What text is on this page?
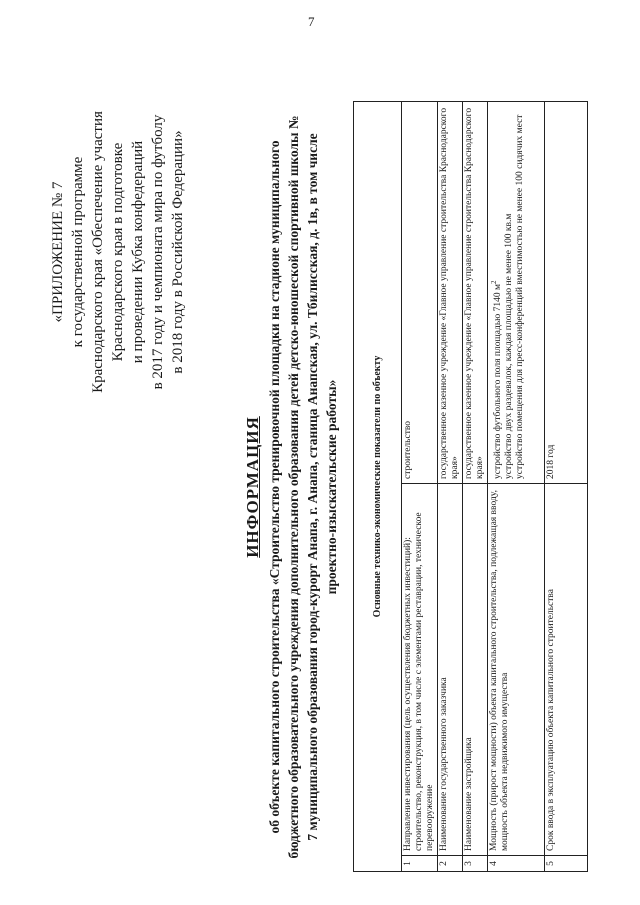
7
«ПРИЛОЖЕНИЕ № 7 к государственной программе Краснодарского края «Обеспечение участия Краснодарского края в подготовке и проведении Кубка конфедераций в 2017 году и чемпионата мира по футболу в 2018 году в Российской Федерации»
ИНФОРМАЦИЯ об объекте капитального строительства «Строительство тренировочной площадки на стадионе муниципального бюджетного образовательного учреждения дополнительного образования детей детско-юношеской спортивной школы № 7 муниципального образования город-курорт Анапа, г. Анапа, станица Анапская, ул. Тбилисская, д. 1в, в том числе проектно-изыскательские работы»	Основные технико-экономические показатели по объекту		
1	Направление инвестирования (цель осуществления бюджетных инвестиций): строительство, реконструкция, в том числе с элементами реставрации, техническое перевооружение	строительство
2	Наименование государственного заказчика	государственное казенное учреждение «Главное управление строительства Краснодарского края»
3	Наименование застройщика	государственное казенное учреждение «Главное управление строительства Краснодарского края»
4	Мощность (прирост мощности) объекта капитального строительства, подлежащая вводу, мощность объекта недвижимого имущества	устройство футбольного поля площадью 7140 $м^2$ устройство двух раздевалок, каждая площадью не менее 100 кв.м устройство помещения для пресс-конференций вместимостью не менее 100 сидячих мест

5	Срок ввода в эксплуатацию объекта капитального строительства	2018 год
